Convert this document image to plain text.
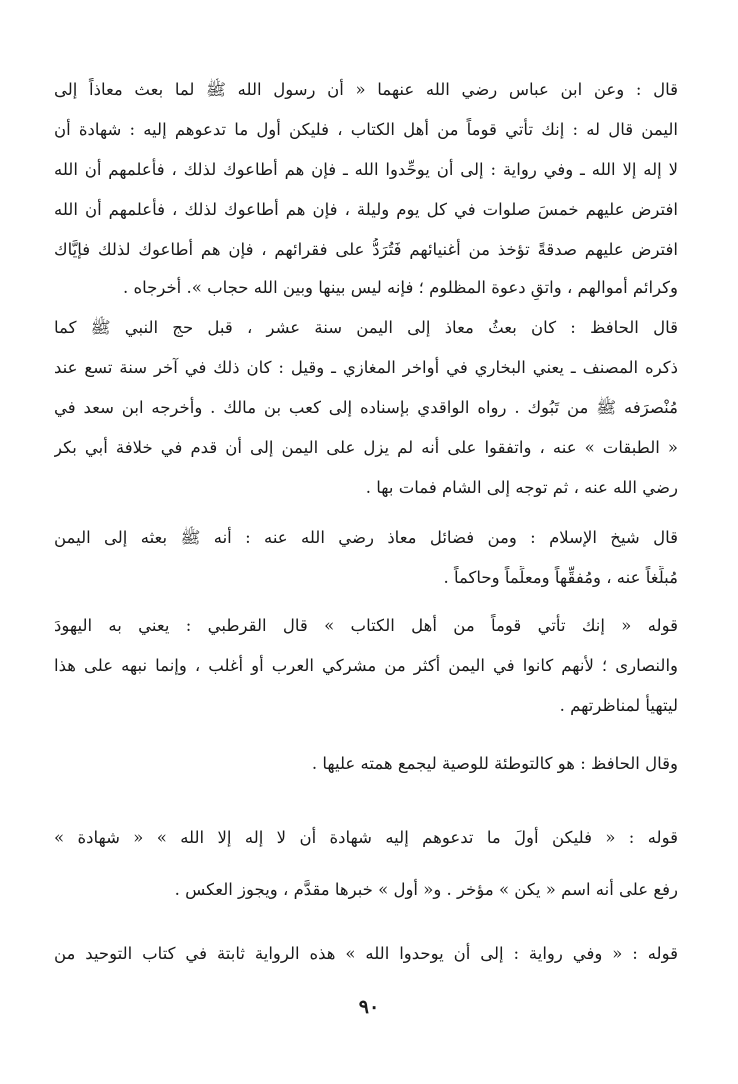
قال : وعن ابن عباس رضي الله عنهما « أن رسول الله ﷺ لما بعث معاذاً إلى
اليمن قال له : إنك تأتي قوماً من أهل الكتاب ، فليكن أول ما تدعوهم إليه : شهادة أن
لا إله إلا الله ـ وفي رواية : إلى أن يوحِّدوا الله ـ فإن هم أطاعوك لذلك ، فأعلمهم أن الله
افترض عليهم خمسَ صلوات في كل يوم وليلة ، فإن هم أطاعوك لذلك ، فأعلمهم أن الله
افترض عليهم صدقةً تؤخذ من أغنيائهم فَتُرَدُّ على فقرائهم ، فإن هم أطاعوك لذلك فإيَّاك
وكرائم أموالهم ، واتقِ دعوة المظلوم ؛ فإنه ليس بينها وبين الله حجاب ». أخرجاه .
قال الحافظ : كان بعثُ معاذ إلى اليمن سنة عشر ، قبل حج النبي ﷺ كما
ذكره المصنف ـ يعني البخاري في أواخر المغازي ـ وقيل : كان ذلك في آخر سنة تسع عند
مُنْصرَفه ﷺ من تَبُوك . رواه الواقدي بإسناده إلى كعب بن مالك . وأخرجه ابن سعد في
« الطبقات » عنه ، واتفقوا على أنه لم يزل على اليمن إلى أن قدم في خلافة أبي بكر
رضي الله عنه ، ثم توجه إلى الشام فمات بها .
قال شيخ الإسلام : ومن فضائل معاذ رضي الله عنه : أنه ﷺ بعثه إلى اليمن
مُبلِّغاً عنه ، ومُفقِّهاً ومعلِّماً وحاكماً .
قوله « إنك تأتي قوماً من أهل الكتاب » قال القرطبي : يعني به اليهودَ
والنصارى ؛ لأنهم كانوا في اليمن أكثر من مشركي العرب أو أغلب ، وإنما نبهه على هذا
ليتهيأ لمناظرتهم .
وقال الحافظ : هو كالتوطئة للوصية ليجمع همته عليها .
قوله : « فليكن أولَ ما تدعوهم إليه شهادة أن لا إله إلا الله » « شهادة »
رفع على أنه اسم « يكن » مؤخر . و« أول » خبرها مقدَّم ، ويجوز العكس .
قوله : « وفي رواية : إلى أن يوحدوا الله » هذه الرواية ثابتة في كتاب التوحيد من
٩٠
